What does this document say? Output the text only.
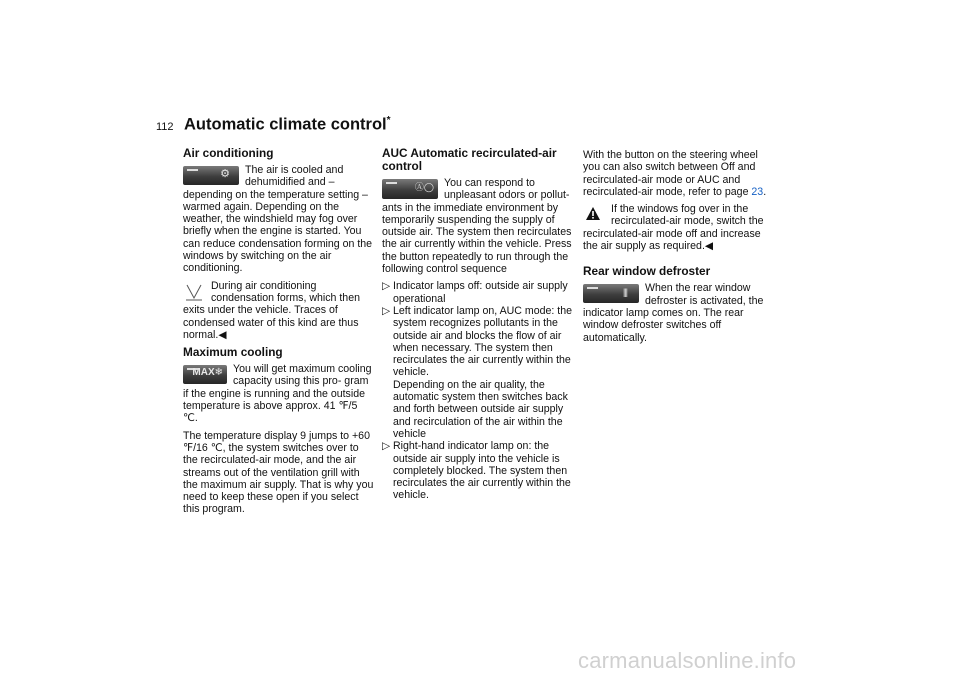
112 Automatic climate control*
Air conditioning
⚙	The air is cooled and dehumidified and – depending on the temperature setting – warmed again. Depending on the weather, the windshield may fog over briefly when the engine is started. You can reduce condensation forming on the windows by switching on the air conditioning.

During air conditioning condensation forms, which then exits under the vehicle. Traces of condensed water of this kind are thus normal.◀

Maximum cooling
MAX❄ You will get maximum cooling capacity using this pro- gram if the engine is running and the outside temperature is above approx. 41 ℉/5 ℃.

The temperature display 9 jumps to +60 ℉/16 ℃, the system switches over to the recirculated-air mode, and the air streams out of the ventilation grill with the maximum air supply. That is why you need to keep these open if you select this program.

AUC Automatic recirculated-air control
Ⓐ◯ You can respond to unpleasant odors or pollut- ants in the immediate environment by temporarily suspending the supply of outside air. The system then recirculates the air currently within the vehicle. Press the button repeatedly to run through the following control sequence

▷ Indicator lamps off: outside air supply operational
▷ Left indicator lamp on, AUC mode: the system recognizes pollutants in the outside air and blocks the flow of air when necessary. The system then recirculates the air currently within the vehicle.
Depending on the air quality, the automatic system then switches back and forth between outside air supply and recirculation of the air within the vehicle
▷ Right-hand indicator lamp on: the outside air supply into the vehicle is completely blocked. The system then recirculates the air currently within the vehicle.

With the button on the steering wheel you can also switch between Off and recirculated-air mode or AUC and recirculated-air mode, refer to page 23.

If the windows fog over in the recirculated-air mode, switch the recirculated-air mode off and increase the air supply as required.◀

Rear window defroster
|||	When the rear window defroster is activated, the indicator lamp comes on. The rear window defroster switches off automatically.

carmanualsonline.info
